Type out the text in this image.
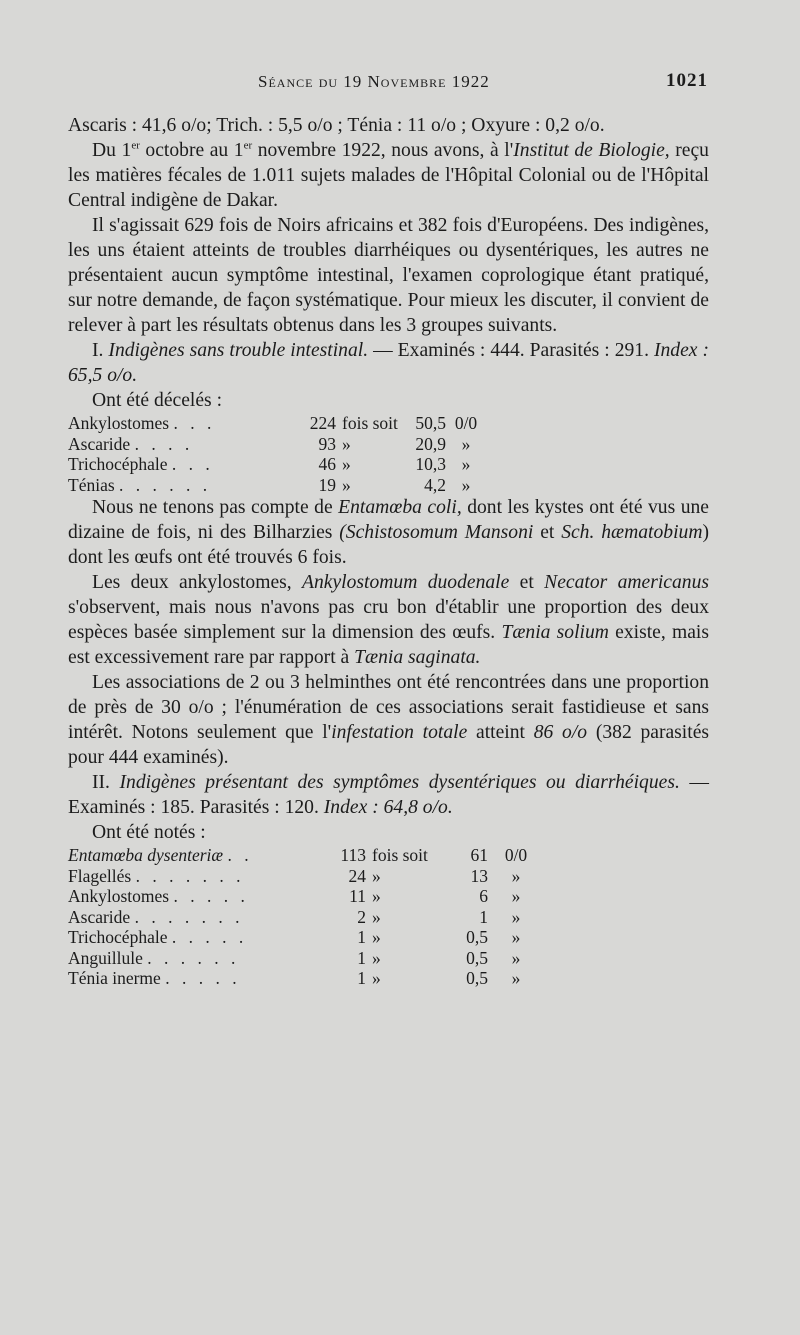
Séance du 19 Novembre 1922	1021

Ascaris : 41,6 o/o; Trich. : 5,5 o/o ; Ténia : 11 o/o ; Oxyure : 0,2 o/o.

Du 1er octobre au 1er novembre 1922, nous avons, à l'Institut de Biologie, reçu les matières fécales de 1.011 sujets malades de l'Hôpital Colonial ou de l'Hôpital Central indigène de Dakar.

Il s'agissait 629 fois de Noirs africains et 382 fois d'Européens. Des indigènes, les uns étaient atteints de troubles diarrhéiques ou dysentériques, les autres ne présentaient aucun symptôme intestinal, l'examen coprologique étant pratiqué, sur notre demande, de façon systématique. Pour mieux les discuter, il convient de relever à part les résultats obtenus dans les 3 groupes suivants.

I. Indigènes sans trouble intestinal. — Examinés : 444. Parasités : 291. Index : 65,5 o/o.

Ont été décelés :

Ankylostomes . . .	224	fois soit	50,5	0/0
Ascaride . . . .	93	»	20,9	»
Trichocéphale . . .	46	»	10,3	»
Ténias . . . . . .	19	»	4,2	»

Nous ne tenons pas compte de Entamœba coli, dont les kystes ont été vus une dizaine de fois, ni des Bilharzies (Schistosomum Mansoni et Sch. hæmatobium) dont les œufs ont été trouvés 6 fois.

Les deux ankylostomes, Ankylostomum duodenale et Necator americanus s'observent, mais nous n'avons pas cru bon d'établir une proportion des deux espèces basée simplement sur la dimension des œufs. Tænia solium existe, mais est excessivement rare par rapport à Tænia saginata.

Les associations de 2 ou 3 helminthes ont été rencontrées dans une proportion de près de 30 o/o ; l'énumération de ces associations serait fastidieuse et sans intérêt. Notons seulement que l'infestation totale atteint 86 o/o (382 parasités pour 444 examinés).

II. Indigènes présentant des symptômes dysentériques ou diarrhéiques. — Examinés : 185. Parasités : 120. Index : 64,8 o/o.

Ont été notés :

Entamœba dysenteriæ . .	113	fois soit	61	0/0
Flagellés . . . . . . .	24	»	13	»
Ankylostomes . . . . .	11	»	6	»
Ascaride . . . . . . .	2	»	1	»
Trichocéphale . . . . .	1	»	0,5	»
Anguillule . . . . . .	1	»	0,5	»
Ténia inerme . . . . .	1	»	0,5	»
